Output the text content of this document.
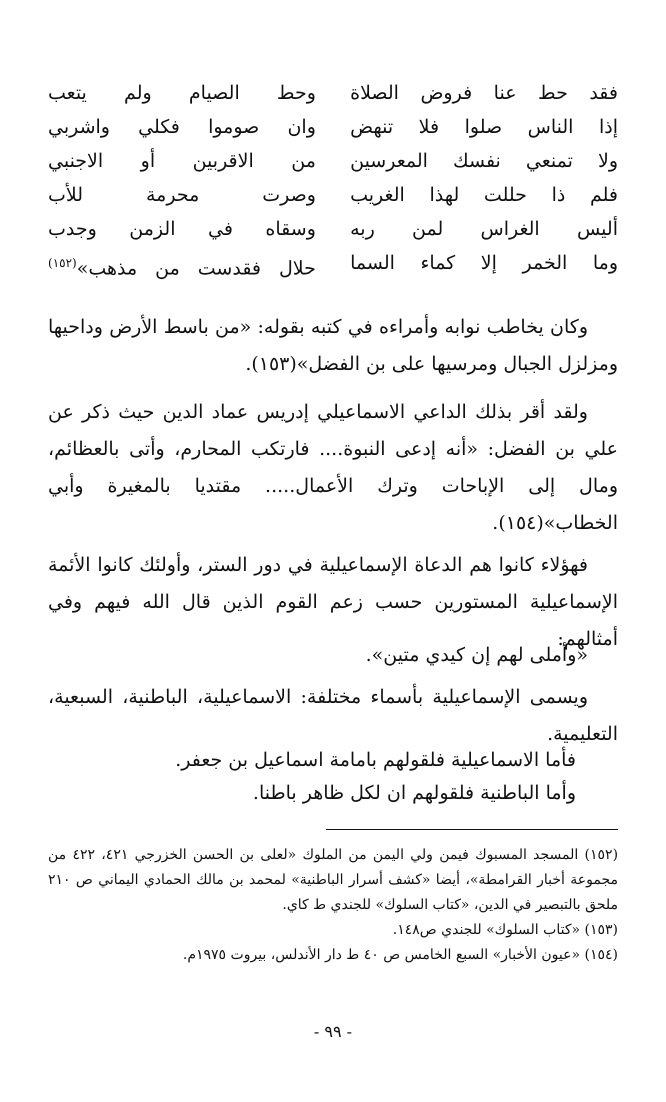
فقد حط عنا فروض الصلاة
وحط الصيام ولم يتعب
إذا الناس صلوا فلا تنهض
وان صوموا فكلي واشربي
ولا تمنعي نفسك المعرسين
من الاقربين أو الاجنبي
فلم ذا حللت لهذا الغريب
وصرت محرمة للأب
أليس الغراس لمن ربه
وسقاه في الزمن وجدب
وما الخمر إلا كماء السما
حلال فقدست من مذهب»$^{(١٥٢)}$

وكان يخاطب نوابه وأمراءه في كتبه بقوله: «من باسط الأرض وداحيها ومزلزل الجبال ومرسيها على بن الفضل»(١٥٣).

ولقد أقر بذلك الداعي الاسماعيلي إدريس عماد الدين حيث ذكر عن علي بن الفضل: «أنه إدعى النبوة.... فارتكب المحارم، وأتى بالعظائم، ومال إلى الإباحات وترك الأعمال..... مقتديا بالمغيرة وأبي الخطاب»(١٥٤).

فهؤلاء كانوا هم الدعاة الإسماعيلية في دور الستر، وأولئك كانوا الأئمة الإسماعيلية المستورين حسب زعم القوم الذين قال الله فيهم وفي أمثالهم:

«وأملى لهم إن كيدي متين».

ويسمى الإسماعيلية بأسماء مختلفة: الاسماعيلية، الباطنية، السبعية، التعليمية.

فأما الاسماعيلية فلقولهم بامامة اسماعيل بن جعفر.
وأما الباطنية فلقولهم ان لكل ظاهر باطنا.
(١٥٢) المسجد المسبوك فيمن ولي اليمن من الملوك «لعلى بن الحسن الخزرجي ٤٢١، ٤٢٢ من مجموعة أخبار القرامطة»، أيضا «كشف أسرار الباطنية» لمحمد بن مالك الحمادي اليماني ص ٢١٠ ملحق بالتبصير في الدين، «كتاب السلوك» للجندي ط كاي.
(١٥٣) «كتاب السلوك» للجندي ص١٤٨.
(١٥٤) «عيون الأخبار» السبع الخامس ص ٤٠ ط دار الأندلس، بيروت ١٩٧٥م.
- ٩٩ -
